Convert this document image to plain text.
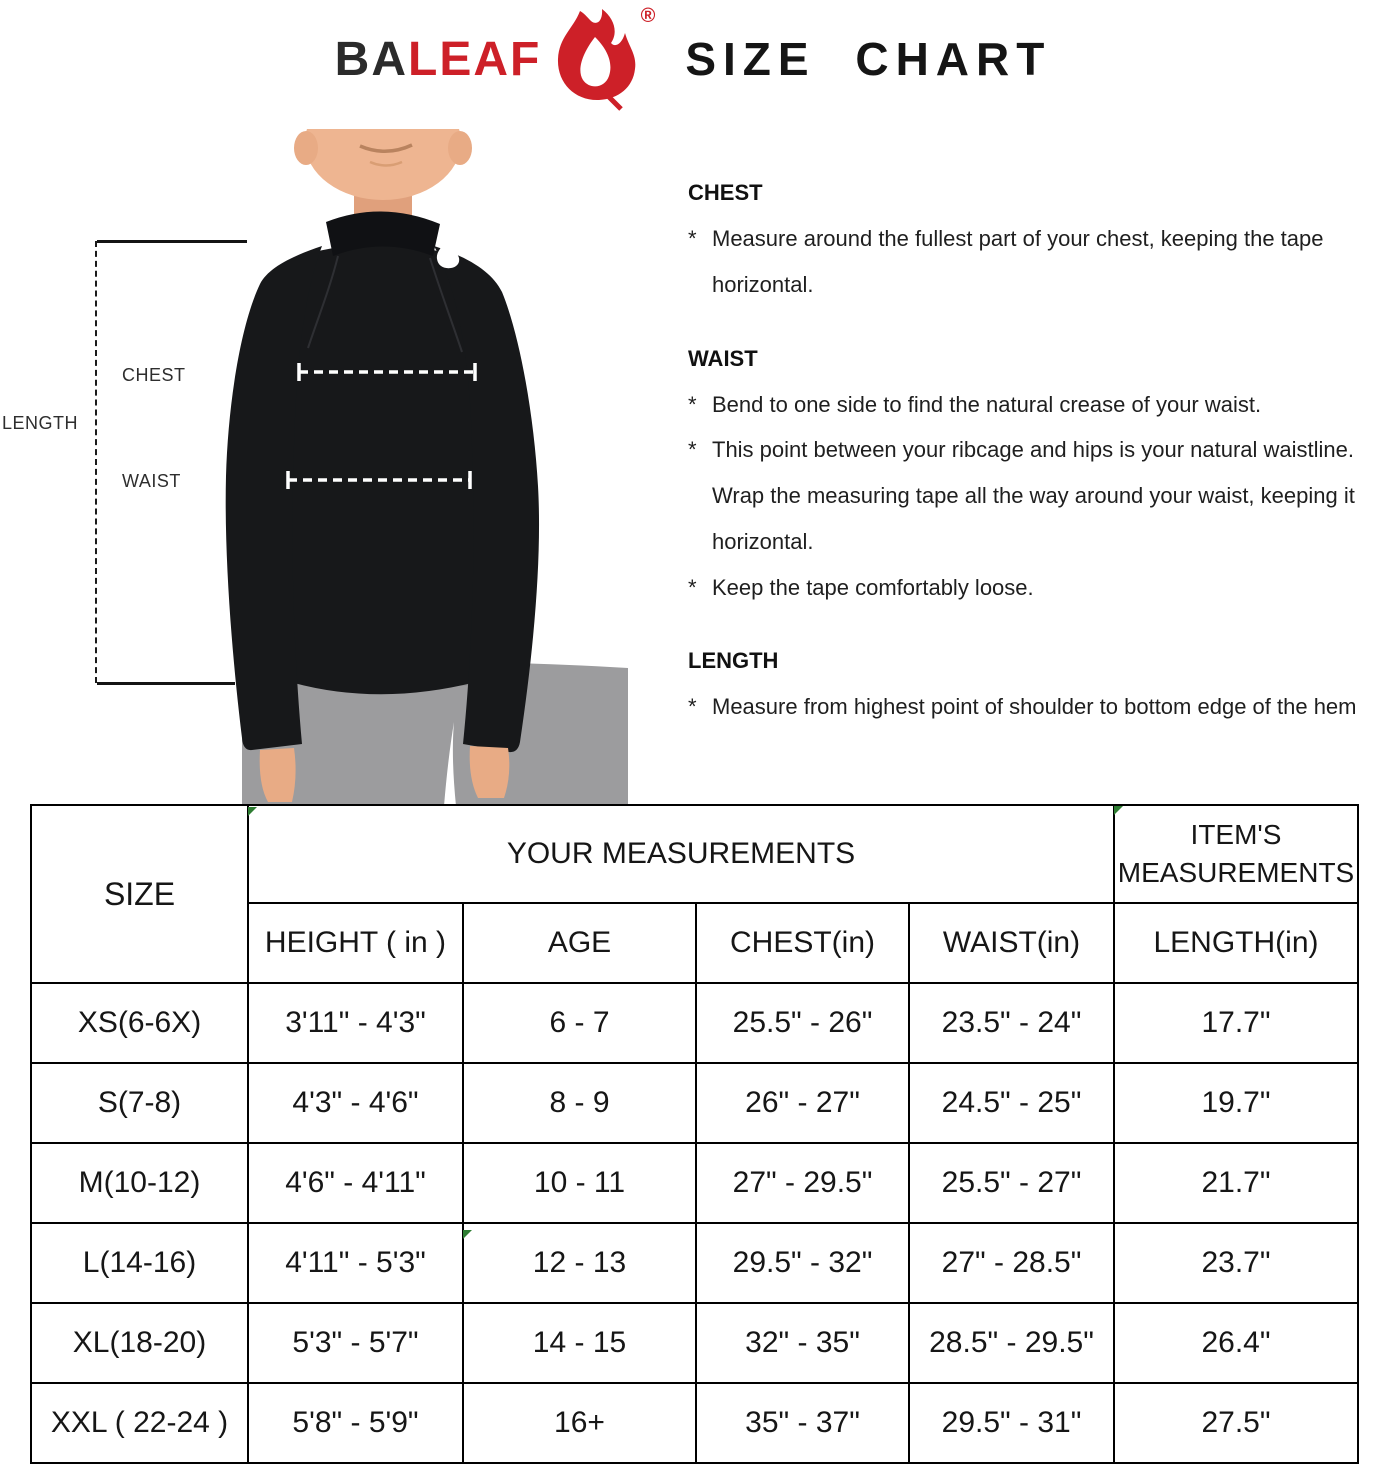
BA LEAF
®
SIZE CHART
LENGTH
CHEST
WAIST
CHEST
* Measure around the fullest part of your chest, keeping the tape horizontal.
WAIST
* Bend to one side to find the natural crease of your waist.
* This point between your ribcage and hips is your natural waistline. Wrap the measuring tape all the way around your waist, keeping it horizontal.
* Keep the tape comfortably loose.
LENGTH
* Measure from highest point of shoulder to bottom edge of the hem
SIZE	YOUR MEASUREMENTS				ITEM'S MEASUREMENTS
	HEIGHT ( in )	AGE	CHEST(in)	WAIST(in)	LENGTH(in)
XS(6-6X)	3'11" - 4'3"	6 - 7	25.5" - 26"	23.5" - 24"	17.7"
S(7-8)	4'3" - 4'6"	8 - 9	26" - 27"	24.5" - 25"	19.7"
M(10-12)	4'6" - 4'11"	10 - 11	27" - 29.5"	25.5" - 27"	21.7"
L(14-16)	4'11" - 5'3"	12 - 13	29.5" - 32"	27" - 28.5"	23.7"
XL(18-20)	5'3" - 5'7"	14 - 15	32" - 35"	28.5" - 29.5"	26.4"
XXL ( 22-24 )	5'8" - 5'9"	16+	35" - 37"	29.5" - 31"	27.5"
